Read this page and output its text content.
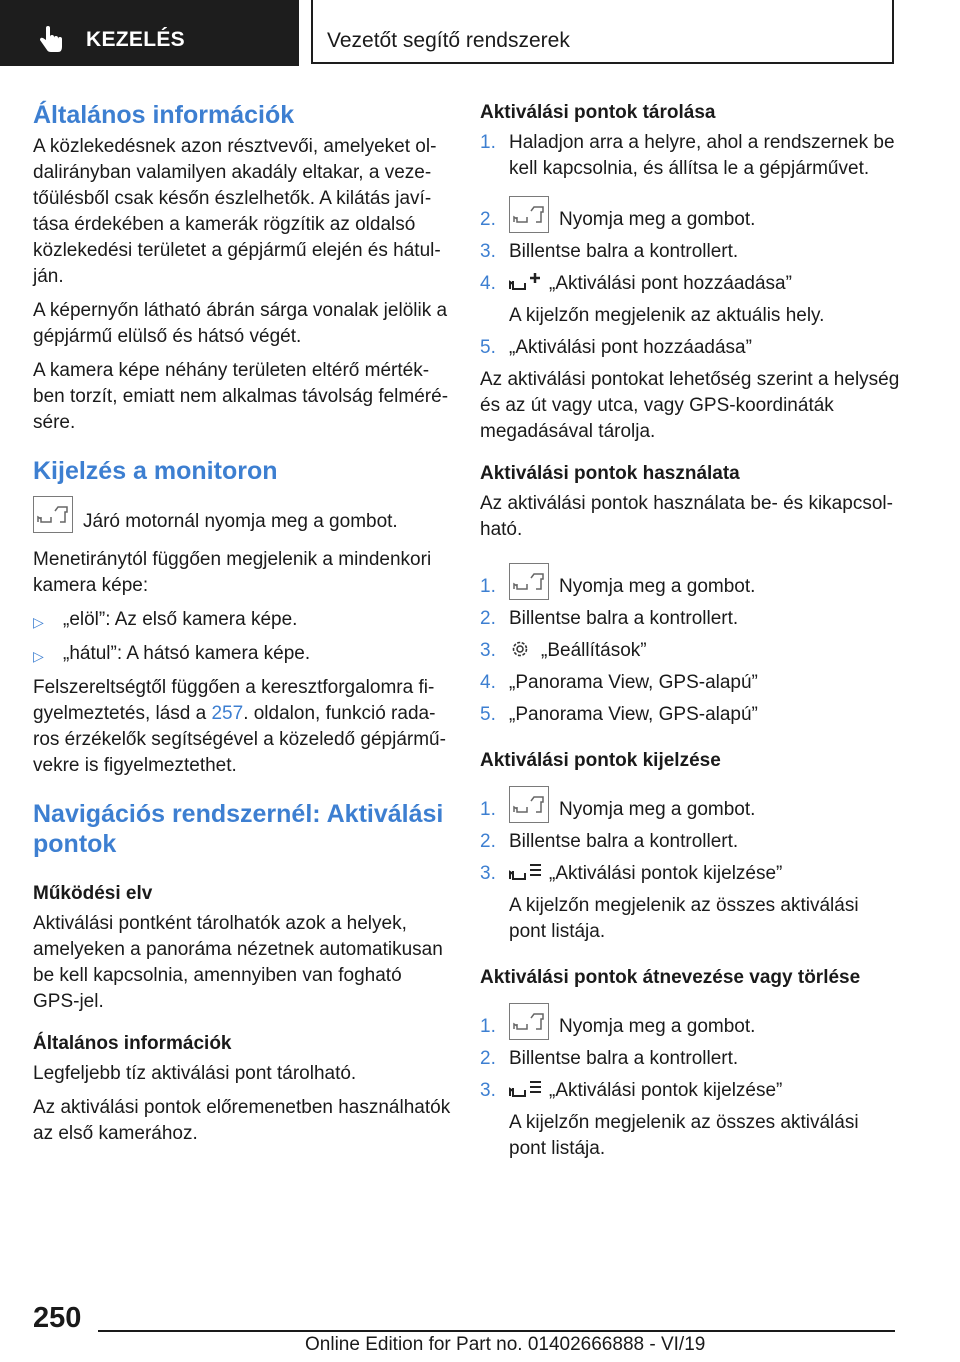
KEZELÉS	Vezetőt segítő rendszerek
Általános információk

A közlekedésnek azon résztvevői, amelyeket oldalirányban valamilyen akadály eltakar, a vezetőülésből csak későn észlelhetők. A kilátás javítása érdekében a kamerák rögzítik az oldalsó közlekedési területet a gépjármű elején és hátulján.

A képernyőn látható ábrán sárga vonalak jelölik a gépjármű elülső és hátsó végét.

A kamera képe néhány területen eltérő mértékben torzít, emiatt nem alkalmas távolság felmérésére.

Kijelzés a monitoron
Járó motornál nyomja meg a gombot.

Menetiránytól függően megjelenik a mindenkori kamera képe:

▷	„elöl”: Az első kamera képe.
▷	„hátul”: A hátsó kamera képe.

Felszereltségtől függően a keresztforgalomra figyelmeztetés, lásd a 257. oldalon, funkció radaros érzékelők segítségével a közeledő gépjárművekre is figyelmeztethet.

Navigációs rendszernél: Aktiválási pontok
Működési elv

Aktiválási pontként tárolhatók azok a helyek, amelyeken a panoráma nézetnek automatikusan be kell kapcsolnia, amennyiben van fogható GPS-jel.

Általános információk

Legfeljebb tíz aktiválási pont tárolható.

Az aktiválási pontok előremenetben használhatók az első kamerához.

Aktiválási pontok tárolása
1. Haladjon arra a helyre, ahol a rendszernek be kell kapcsolnia, és állítsa le a gépjárművet.
2.	Nyomja meg a gombot.
3. Billentse balra a kontrollert.
4.	„Aktiválási pont hozzáadása”
A kijelzőn megjelenik az aktuális hely.
5. „Aktiválási pont hozzáadása”

Az aktiválási pontokat lehetőség szerint a helység és az út vagy utca, vagy GPS-koordináták megadásával tárolja.

Aktiválási pontok használata

Az aktiválási pontok használata be- és kikapcsolható.

1.	Nyomja meg a gombot.
2. Billentse balra a kontrollert.
3.	„Beállítások”
4. „Panorama View, GPS-alapú”
5. „Panorama View, GPS-alapú”
Aktiválási pontok kijelzése
1.	Nyomja meg a gombot.
2. Billentse balra a kontrollert.
3.	„Aktiválási pontok kijelzése”
A kijelzőn megjelenik az összes aktiválási pont listája.
Aktiválási pontok átnevezése vagy törlése
1.	Nyomja meg a gombot.
2. Billentse balra a kontrollert.
3.	„Aktiválási pontok kijelzése”
A kijelzőn megjelenik az összes aktiválási pont listája.
250
Online Edition for Part no. 01402666888 - VI/19
